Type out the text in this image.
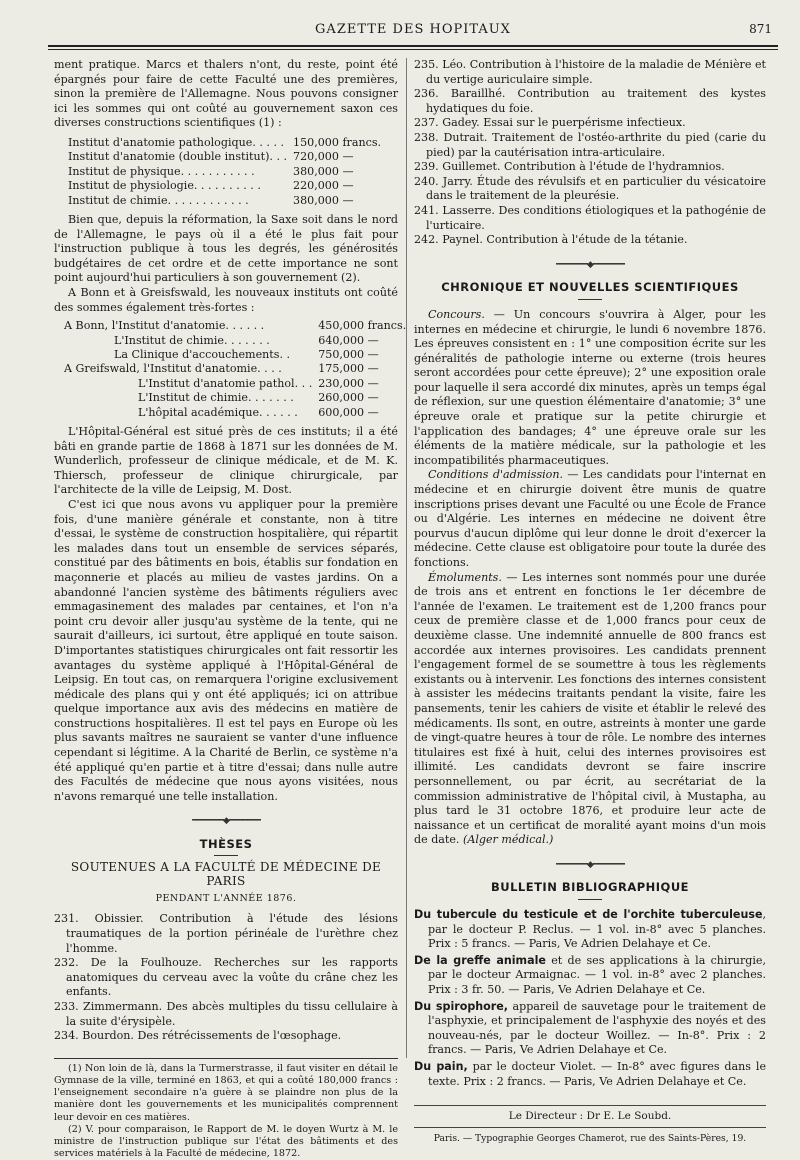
GAZETTE DES HOPITAUX	871

ment pratique. Marcs et thalers n'ont, du reste, point été épargnés pour faire de cette Faculté une des premières, sinon la première de l'Allemagne. Nous pouvons consigner ici les sommes qui ont coûté au gouvernement saxon ces diverses constructions scientifiques (1) :

Institut d'anatomie pathologique. . . . .	150,000 francs.
Institut d'anatomie (double institut). . .	720,000 —
Institut de physique. . . . . . . . . . .	380,000 —
Institut de physiologie. . . . . . . . . .	220,000 —
Institut de chimie. . . . . . . . . . . .	380,000 —

Bien que, depuis la réformation, la Saxe soit dans le nord de l'Allemagne, le pays où il a été le plus fait pour l'instruction publique à tous les degrés, les générosités budgétaires de cet ordre et de cette importance ne sont point aujourd'hui particuliers à son gouvernement (2).

A Bonn et à Greisfswald, les nouveaux instituts ont coûté des sommes également très-fortes :

A Bonn, l'Institut d'anatomie. . . . . .	450,000 francs.
L'Institut de chimie. . . . . . .	640,000 —
La Clinique d'accouchements. .	750,000 —
A Greifswald, l'Institut d'anatomie. . . .	175,000 —
L'Institut d'anatomie pathol. . .	230,000 —
L'Institut de chimie. . . . . . .	260,000 —
L'hôpital académique. . . . . .	600,000 —

L'Hôpital-Général est situé près de ces instituts; il a été bâti en grande partie de 1868 à 1871 sur les données de M. Wunderlich, professeur de clinique médicale, et de M. K. Thiersch, professeur de clinique chirurgicale, par l'architecte de la ville de Leipsig, M. Dost.

C'est ici que nous avons vu appliquer pour la première fois, d'une manière générale et constante, non à titre d'essai, le système de construction hospitalière, qui répartit les malades dans tout un ensemble de services séparés, constitué par des bâtiments en bois, établis sur fondation en maçonnerie et placés au milieu de vastes jardins. On a abandonné l'ancien système des bâtiments réguliers avec emmagasinement des malades par centaines, et l'on n'a point cru devoir aller jusqu'au système de la tente, qui ne saurait d'ailleurs, ici surtout, être appliqué en toute saison. D'importantes statistiques chirurgicales ont fait ressortir les avantages du système appliqué à l'Hôpital-Général de Leipsig. En tout cas, on remarquera l'origine exclusivement médicale des plans qui y ont été appliqués; ici on attribue quelque importance aux avis des médecins en matière de constructions hospitalières. Il est tel pays en Europe où les plus savants maîtres ne sauraient se vanter d'une influence cependant si légitime. A la Charité de Berlin, ce système n'a été appliqué qu'en partie et à titre d'essai; dans nulle autre des Facultés de médecine que nous ayons visitées, nous n'avons remarqué une telle installation.

━━━━━━━◆━━━━━━━
THÈSES
SOUTENUES A LA FACULTÉ DE MÉDECINE DE PARIS
PENDANT L'ANNÉE 1876.

231. Obissier. Contribution à l'étude des lésions traumatiques de la portion périnéale de l'urèthre chez l'homme.

232. De la Foulhouze. Recherches sur les rapports anatomiques du cerveau avec la voûte du crâne chez les enfants.

233. Zimmermann. Des abcès multiples du tissu cellulaire à la suite d'érysipèle.

234. Bourdon. Des rétrécissements de l'œsophage.

(1) Non loin de là, dans la Turmerstrasse, il faut visiter en détail le Gymnase de la ville, terminé en 1863, et qui a coûté 180,000 francs : l'enseignement secondaire n'a guère à se plaindre non plus de la manière dont les gouvernements et les municipalités comprennent leur devoir en ces matières.

(2) V. pour comparaison, le Rapport de M. le doyen Wurtz à M. le ministre de l'instruction publique sur l'état des bâtiments et des services matériels à la Faculté de médecine, 1872.

235. Léo. Contribution à l'histoire de la maladie de Ménière et du vertige auriculaire simple.

236. Baraillhé. Contribution au traitement des kystes hydatiques du foie.

237. Gadey. Essai sur le puerpérisme infectieux.

238. Dutrait. Traitement de l'ostéo-arthrite du pied (carie du pied) par la cautérisation intra-articulaire.

239. Guillemet. Contribution à l'étude de l'hydramnios.

240. Jarry. Étude des révulsifs et en particulier du vésicatoire dans le traitement de la pleurésie.

241. Lasserre. Des conditions étiologiques et la pathogénie de l'urticaire.

242. Paynel. Contribution à l'étude de la tétanie.

━━━━━━━◆━━━━━━━
CHRONIQUE ET NOUVELLES SCIENTIFIQUES

Concours. — Un concours s'ouvrira à Alger, pour les internes en médecine et chirurgie, le lundi 6 novembre 1876. Les épreuves consistent en : 1° une composition écrite sur les généralités de pathologie interne ou externe (trois heures seront accordées pour cette épreuve); 2° une exposition orale pour laquelle il sera accordé dix minutes, après un temps égal de réflexion, sur une question élémentaire d'anatomie; 3° une épreuve orale et pratique sur la petite chirurgie et l'application des bandages; 4° une épreuve orale sur les éléments de la matière médicale, sur la pathologie et les incompatibilités pharmaceutiques.

Conditions d'admission. — Les candidats pour l'internat en médecine et en chirurgie doivent être munis de quatre inscriptions prises devant une Faculté ou une École de France ou d'Algérie. Les internes en médecine ne doivent être pourvus d'aucun diplôme qui leur donne le droit d'exercer la médecine. Cette clause est obligatoire pour toute la durée des fonctions.

Émoluments. — Les internes sont nommés pour une durée de trois ans et entrent en fonctions le 1er décembre de l'année de l'examen. Le traitement est de 1,200 francs pour ceux de première classe et de 1,000 francs pour ceux de deuxième classe. Une indemnité annuelle de 800 francs est accordée aux internes provisoires. Les candidats prennent l'engagement formel de se soumettre à tous les règlements existants ou à intervenir. Les fonctions des internes consistent à assister les médecins traitants pendant la visite, faire les pansements, tenir les cahiers de visite et établir le relevé des médicaments. Ils sont, en outre, astreints à monter une garde de vingt-quatre heures à tour de rôle. Le nombre des internes titulaires est fixé à huit, celui des internes provisoires est illimité. Les candidats devront se faire inscrire personnellement, ou par écrit, au secrétariat de la commission administrative de l'hôpital civil, à Mustapha, au plus tard le 31 octobre 1876, et produire leur acte de naissance et un certificat de moralité ayant moins d'un mois de date. (Alger médical.)

━━━━━━━◆━━━━━━━
BULLETIN BIBLIOGRAPHIQUE

Du tubercule du testicule et de l'orchite tuberculeuse, par le docteur P. Reclus. — 1 vol. in-8° avec 5 planches. Prix : 5 francs. — Paris, Ve Adrien Delahaye et Ce.

De la greffe animale et de ses applications à la chirurgie, par le docteur Armaignac. — 1 vol. in-8° avec 2 planches. Prix : 3 fr. 50. — Paris, Ve Adrien Delahaye et Ce.

Du spirophore, appareil de sauvetage pour le traitement de l'asphyxie, et principalement de l'asphyxie des noyés et des nouveau-nés, par le docteur Woillez. — In-8°. Prix : 2 francs. — Paris, Ve Adrien Delahaye et Ce.

Du pain, par le docteur Violet. — In-8° avec figures dans le texte. Prix : 2 francs. — Paris, Ve Adrien Delahaye et Ce.

Le Directeur : Dr E. Le Soubd.
Paris. — Typographie Georges Chamerot, rue des Saints-Pères, 19.
